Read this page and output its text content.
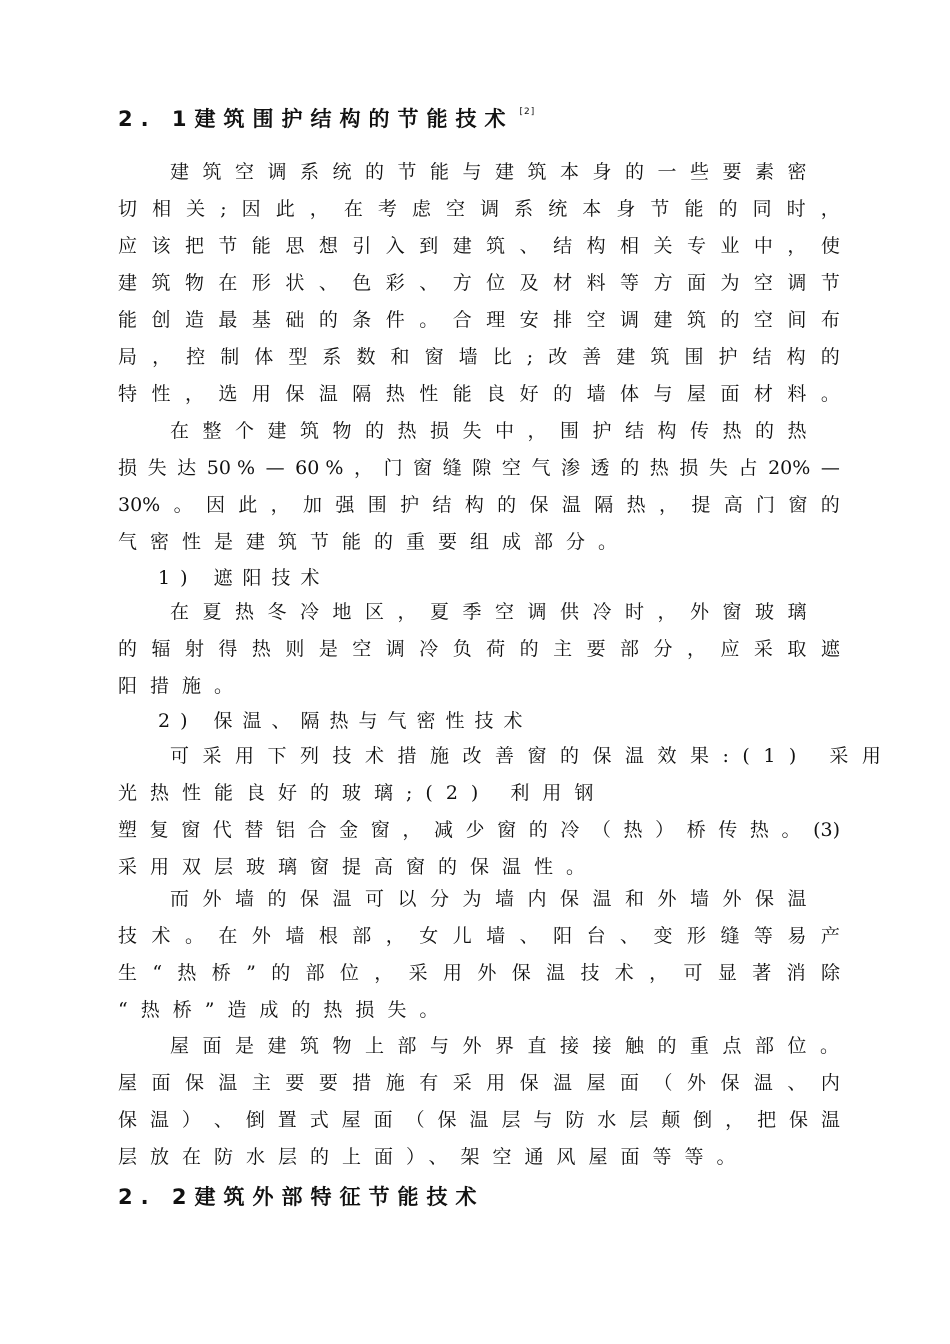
2. 1建筑围护结构的节能技术 [2]
建筑空调系统的节能与建筑本身的一些要素密
切 相 关 ; 因 此 ， 在 考 虑 空 调 系 统 本 身 节 能 的 同 时 ，
应 该 把 节 能 思 想 引 入 到 建 筑 、 结 构 相 关 专 业 中 ， 使
建 筑 物 在 形 状 、 色 彩 、 方 位 及 材 料 等 方 面 为 空 调 节
能 创 造 最 基 础 的 条 件 。 合 理 安 排 空 调 建 筑 的 空 间 布
局 ， 控 制 体 型 系 数 和 窗 墙 比 ; 改 善 建 筑 围 护 结 构 的
特 性 ， 选 用 保 温 隔 热 性 能 良 好 的 墙 体 与 屋 面 材 料 。
在整个建筑物的热损失中，围护结构传热的热
损 失 达 50 % — 60 % ， 门 窗 缝 隙 空 气 渗 透 的 热 损 失 占 20% —
30% 。 因 此 ， 加 强 围 护 结 构 的 保 温 隔 热 ， 提 高 门 窗 的
气密性是建筑节能的重要组成部分。
1) 遮阳技术
在夏热冬冷地区，夏季空调供冷时，外窗玻璃
的 辐 射 得 热 则 是 空 调 冷 负 荷 的 主 要 部 分 ， 应 采 取 遮
阳措施。
2) 保温、隔热与气密性技术
可采用下列技术措施改善窗的保温效果:(1) 采用
光热性能良好的玻璃;(2) 利用钢
塑 复 窗 代 替 铝 合 金 窗 ， 减 少 窗 的 冷 （ 热 ） 桥 传 热 。 (3)
采用双层玻璃窗提高窗的保温性。
而外墙的保温可以分为墙内保温和外墙外保温
技 术 。 在 外 墙 根 部 ， 女 儿 墙 、 阳 台 、 变 形 缝 等 易 产
生 “ 热 桥 ” 的 部 位 ， 采 用 外 保 温 技 术 ， 可 显 著 消 除
“热桥”造成的热损失。
屋面是建筑物上部与外界直接接触的重点部位。
屋 面 保 温 主 要 要 措 施 有 采 用 保 温 屋 面 （ 外 保 温 、 内
保 温 ） 、 倒 置 式 屋 面 （ 保 温 层 与 防 水 层 颠 倒 ， 把 保 温
层放在防水层的上面）、架空通风屋面等等。
2. 2建筑外部特征节能技术
